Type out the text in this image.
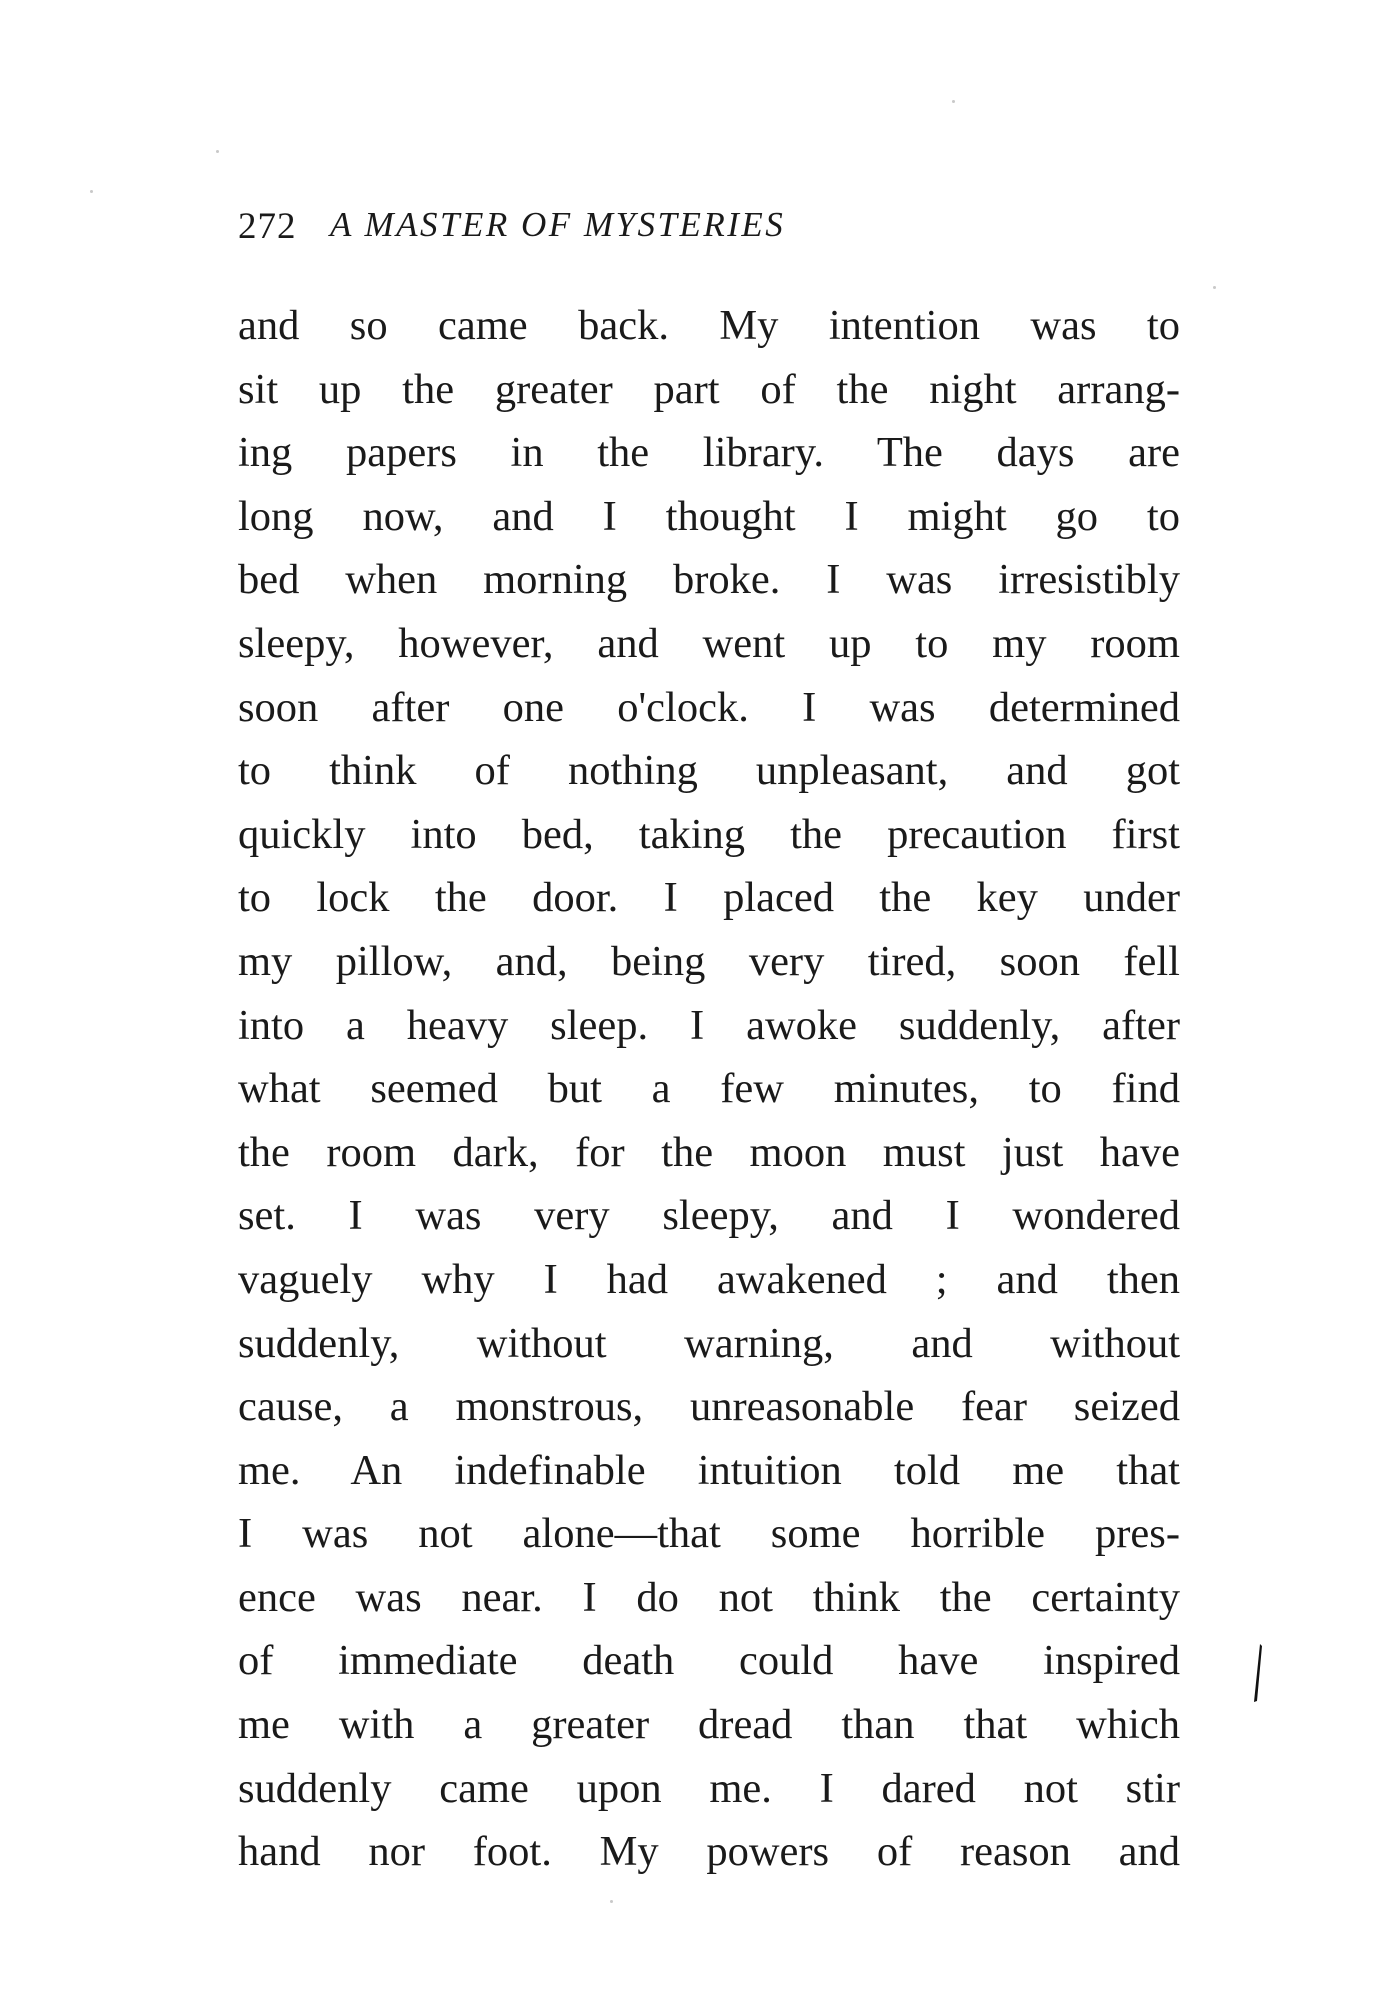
272 A MASTER OF MYSTERIES
and so came back. My intention was to
sit up the greater part of the night arrang-
ing papers in the library. The days are
long now, and I thought I might go to
bed when morning broke. I was irresistibly
sleepy, however, and went up to my room
soon after one o'clock. I was determined
to think of nothing unpleasant, and got
quickly into bed, taking the precaution first
to lock the door. I placed the key under
my pillow, and, being very tired, soon fell
into a heavy sleep. I awoke suddenly, after
what seemed but a few minutes, to find
the room dark, for the moon must just have
set. I was very sleepy, and I wondered
vaguely why I had awakened ; and then
suddenly, without warning, and without
cause, a monstrous, unreasonable fear seized
me. An indefinable intuition told me that
I was not alone—that some horrible pres-
ence was near. I do not think the certainty
of immediate death could have inspired
me with a greater dread than that which
suddenly came upon me. I dared not stir
hand nor foot. My powers of reason and
